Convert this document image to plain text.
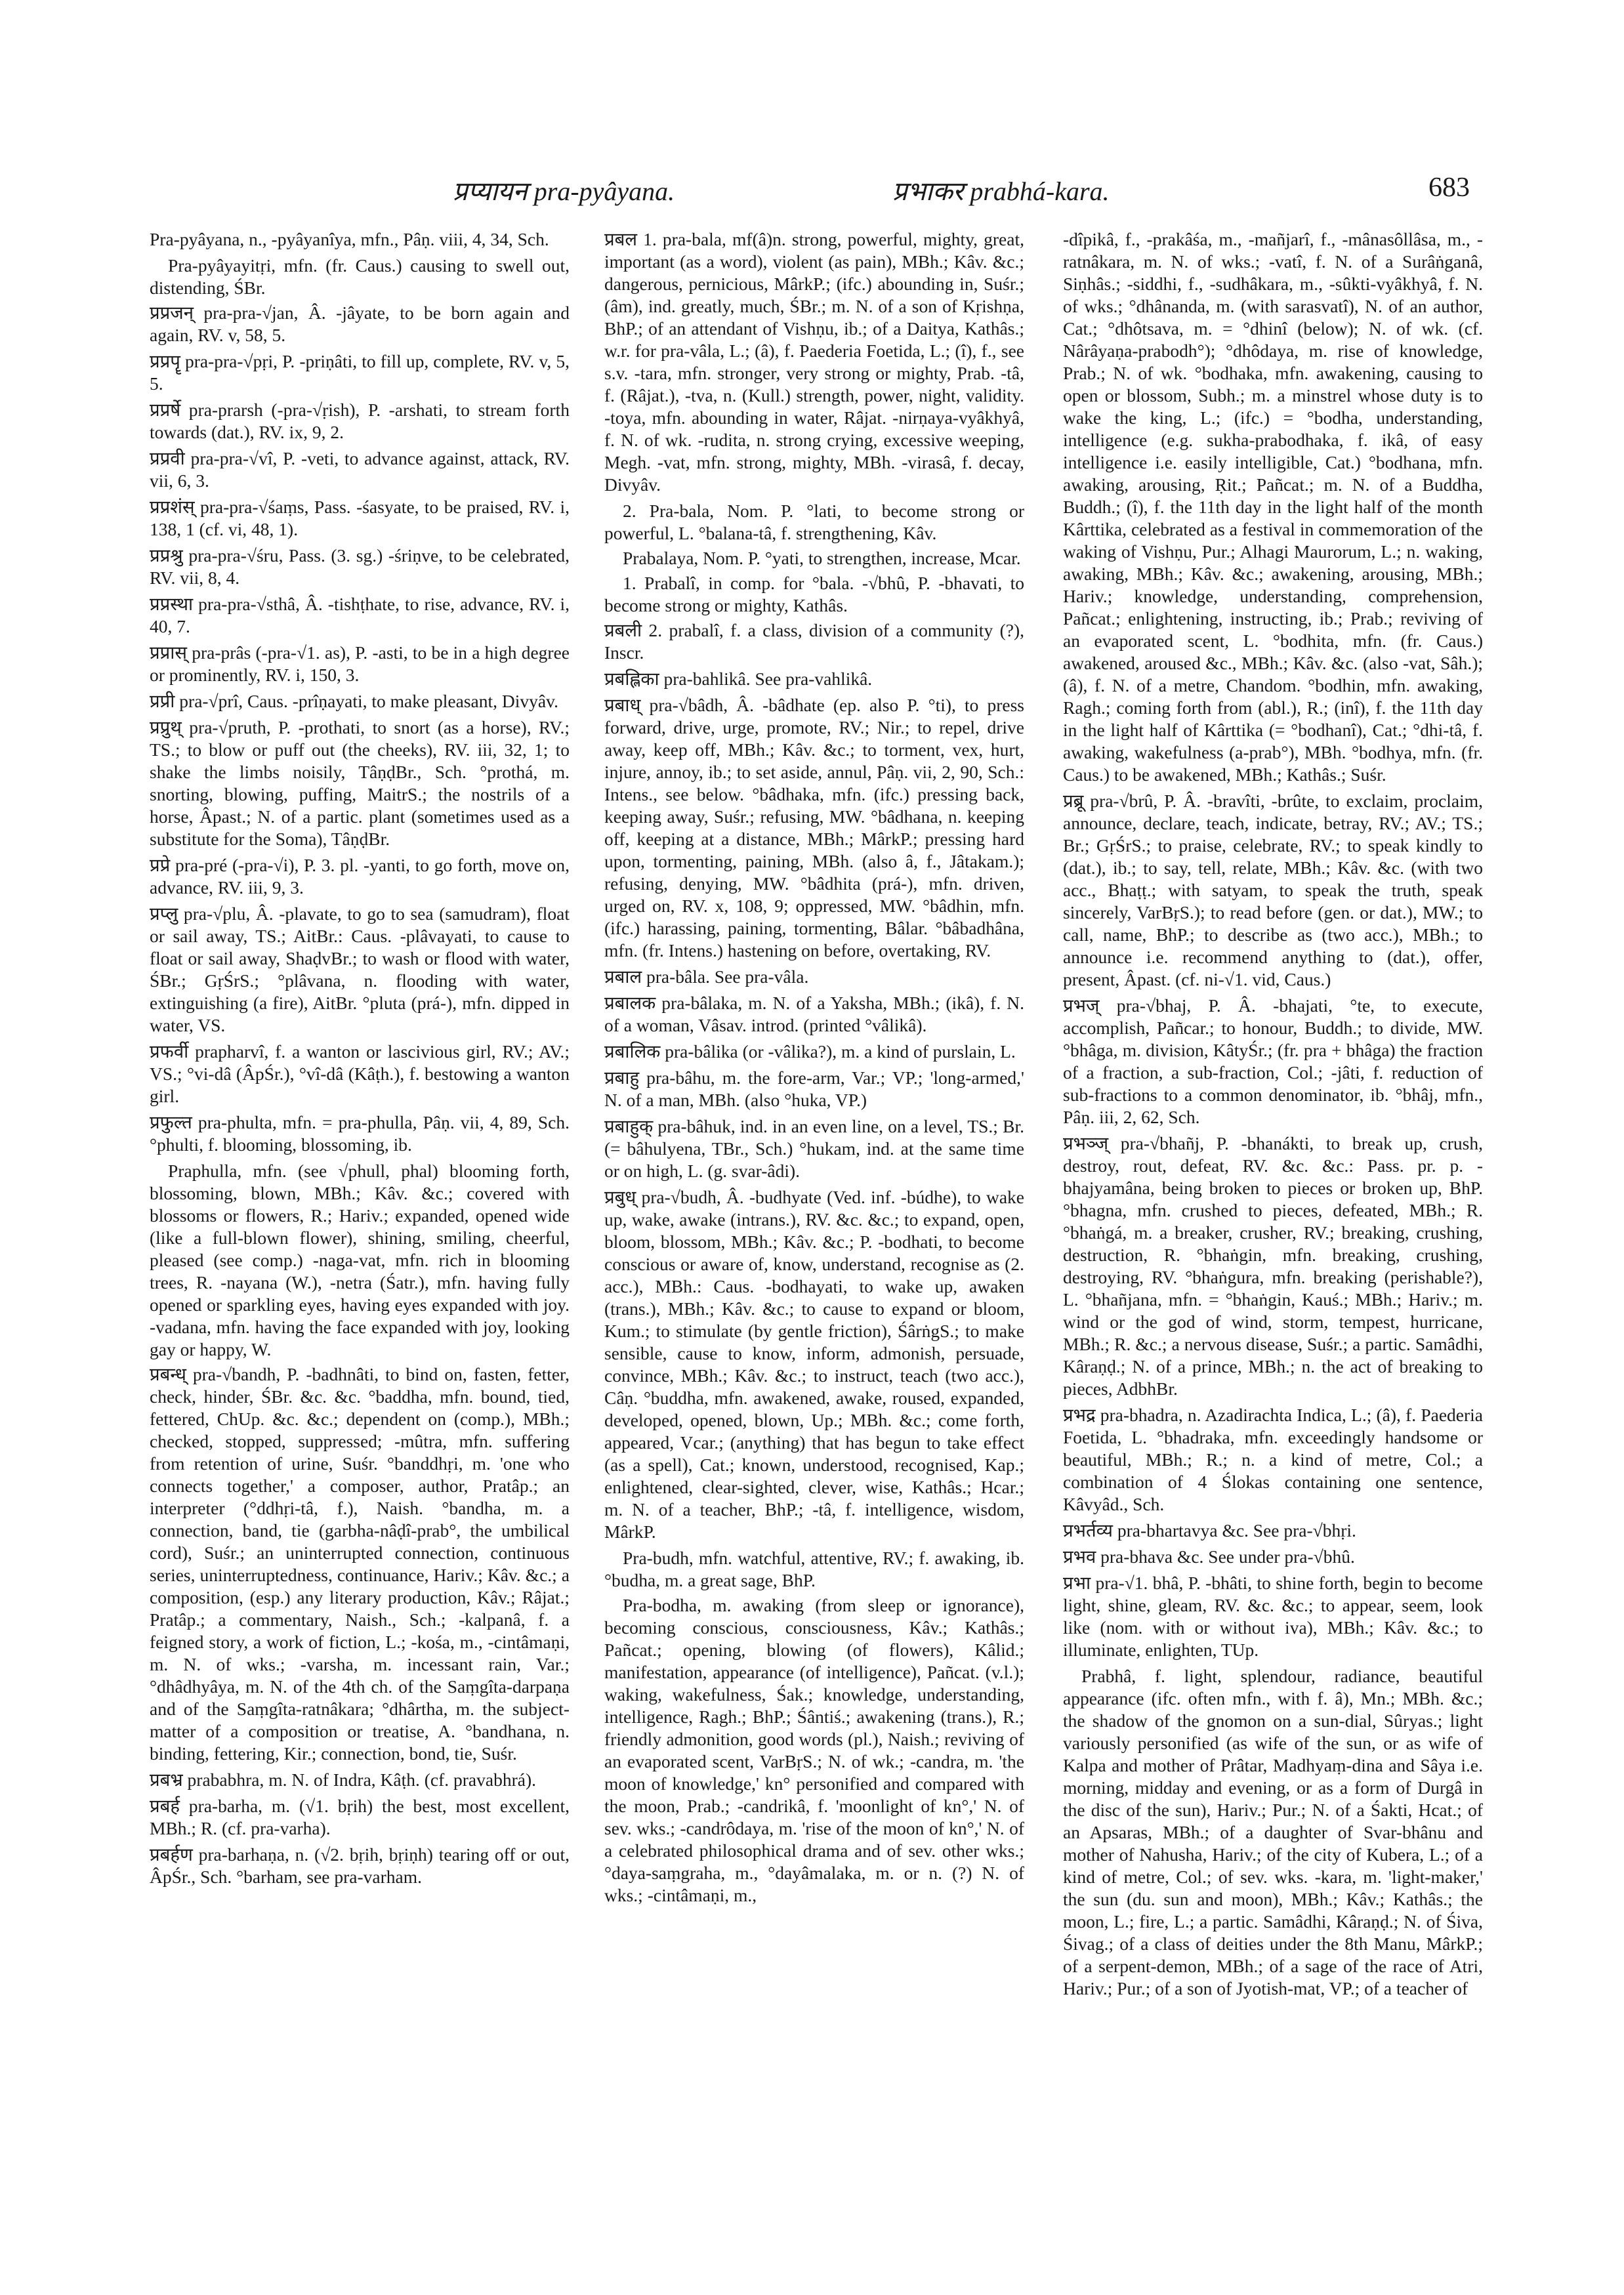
प्रप्यायन pra-pyâyana.	प्रभाकर prabhá-kara.	683

Pra-pyâyana, n., -pyâyanîya, mfn., Pâṇ. viii, 4, 34, Sch.

Pra-pyâyayitṛi, mfn. (fr. Caus.) causing to swell out, distending, ŚBr.

प्रप्रजन् pra-pra-√jan, Â. -jâyate, to be born again and again, RV. v, 58, 5.

प्रप्रपॄ pra-pra-√pṛi, P. -priṇâti, to fill up, complete, RV. v, 5, 5.

प्रप्रर्षे pra-prarsh (-pra-√ṛish), P. -arshati, to stream forth towards (dat.), RV. ix, 9, 2.

प्रप्रवी pra-pra-√vî, P. -veti, to advance against, attack, RV. vii, 6, 3.

प्रप्रशंस् pra-pra-√śaṃs, Pass. -śasyate, to be praised, RV. i, 138, 1 (cf. vi, 48, 1).

प्रप्रश्रु pra-pra-√śru, Pass. (3. sg.) -śriṇve, to be celebrated, RV. vii, 8, 4.

प्रप्रस्था pra-pra-√sthâ, Â. -tishṭhate, to rise, advance, RV. i, 40, 7.

प्रप्रास् pra-prâs (-pra-√1. as), P. -asti, to be in a high degree or prominently, RV. i, 150, 3.

प्रप्री pra-√prî, Caus. -prîṇayati, to make pleasant, Divyâv.

प्रप्रुथ् pra-√pruth, P. -prothati, to snort (as a horse), RV.; TS.; to blow or puff out (the cheeks), RV. iii, 32, 1; to shake the limbs noisily, TâṇḍBr., Sch. °prothá, m. snorting, blowing, puffing, MaitrS.; the nostrils of a horse, Âpast.; N. of a partic. plant (sometimes used as a substitute for the Soma), TâṇḍBr.

प्रप्रे pra-pré (-pra-√i), P. 3. pl. -yanti, to go forth, move on, advance, RV. iii, 9, 3.

प्रप्लु pra-√plu, Â. -plavate, to go to sea (samudram), float or sail away, TS.; AitBr.: Caus. -plâvayati, to cause to float or sail away, ShaḍvBr.; to wash or flood with water, ŚBr.; GṛŚrS.; °plâvana, n. flooding with water, extinguishing (a fire), AitBr. °pluta (prá-), mfn. dipped in water, VS.

प्रफर्वी prapharvî, f. a wanton or lascivious girl, RV.; AV.; VS.; °vi-dâ (ÂpŚr.), °vî-dâ (Kâṭh.), f. bestowing a wanton girl.

प्रफुल्त pra-phulta, mfn. = pra-phulla, Pâṇ. vii, 4, 89, Sch. °phulti, f. blooming, blossoming, ib.

Praphulla, mfn. (see √phull, phal) blooming forth, blossoming, blown, MBh.; Kâv. &c.; covered with blossoms or flowers, R.; Hariv.; expanded, opened wide (like a full-blown flower), shining, smiling, cheerful, pleased (see comp.) -naga-vat, mfn. rich in blooming trees, R. -nayana (W.), -netra (Śatr.), mfn. having fully opened or sparkling eyes, having eyes expanded with joy. -vadana, mfn. having the face expanded with joy, looking gay or happy, W.

प्रबन्ध् pra-√bandh, P. -badhnâti, to bind on, fasten, fetter, check, hinder, ŚBr. &c. &c. °baddha, mfn. bound, tied, fettered, ChUp. &c. &c.; dependent on (comp.), MBh.; checked, stopped, suppressed; -mûtra, mfn. suffering from retention of urine, Suśr. °banddhṛi, m. 'one who connects together,' a composer, author, Pratâp.; an interpreter (°ddhṛi-tâ, f.), Naish. °bandha, m. a connection, band, tie (garbha-nâḍî-prab°, the umbilical cord), Suśr.; an uninterrupted connection, continuous series, uninterruptedness, continuance, Hariv.; Kâv. &c.; a composition, (esp.) any literary production, Kâv.; Râjat.; Pratâp.; a commentary, Naish., Sch.; -kalpanâ, f. a feigned story, a work of fiction, L.; -kośa, m., -cintâmaṇi, m. N. of wks.; -varsha, m. incessant rain, Var.; °dhâdhyâya, m. N. of the 4th ch. of the Saṃgîta-darpaṇa and of the Saṃgîta-ratnâkara; °dhârtha, m. the subject-matter of a composition or treatise, A. °bandhana, n. binding, fettering, Kir.; connection, bond, tie, Suśr.

प्रबभ्र prababhra, m. N. of Indra, Kâṭh. (cf. pravabhrá).

प्रबर्ह pra-barha, m. (√1. bṛih) the best, most excellent, MBh.; R. (cf. pra-varha).

प्रबर्हण pra-barhaṇa, n. (√2. bṛih, bṛiṇh) tearing off or out, ÂpŚr., Sch. °barham, see pra-varham.

प्रबल 1. pra-bala, mf(â)n. strong, powerful, mighty, great, important (as a word), violent (as pain), MBh.; Kâv. &c.; dangerous, pernicious, MârkP.; (ifc.) abounding in, Suśr.; (âm), ind. greatly, much, ŚBr.; m. N. of a son of Kṛishṇa, BhP.; of an attendant of Vishṇu, ib.; of a Daitya, Kathâs.; w.r. for pra-vâla, L.; (â), f. Paederia Foetida, L.; (î), f., see s.v. -tara, mfn. stronger, very strong or mighty, Prab. -tâ, f. (Râjat.), -tva, n. (Kull.) strength, power, night, validity. -toya, mfn. abounding in water, Râjat. -nirṇaya-vyâkhyâ, f. N. of wk. -rudita, n. strong crying, excessive weeping, Megh. -vat, mfn. strong, mighty, MBh. -virasâ, f. decay, Divyâv.

2. Pra-bala, Nom. P. °lati, to become strong or powerful, L. °balana-tâ, f. strengthening, Kâv.

Prabalaya, Nom. P. °yati, to strengthen, increase, Mcar.

1. Prabalî, in comp. for °bala. -√bhû, P. -bhavati, to become strong or mighty, Kathâs.

प्रबली 2. prabalî, f. a class, division of a community (?), Inscr.

प्रबह्लिका pra-bahlikâ. See pra-vahlikâ.

प्रबाध् pra-√bâdh, Â. -bâdhate (ep. also P. °ti), to press forward, drive, urge, promote, RV.; Nir.; to repel, drive away, keep off, MBh.; Kâv. &c.; to torment, vex, hurt, injure, annoy, ib.; to set aside, annul, Pâṇ. vii, 2, 90, Sch.: Intens., see below. °bâdhaka, mfn. (ifc.) pressing back, keeping away, Suśr.; refusing, MW. °bâdhana, n. keeping off, keeping at a distance, MBh.; MârkP.; pressing hard upon, tormenting, paining, MBh. (also â, f., Jâtakam.); refusing, denying, MW. °bâdhita (prá-), mfn. driven, urged on, RV. x, 108, 9; oppressed, MW. °bâdhin, mfn. (ifc.) harassing, paining, tormenting, Bâlar. °bâbadhâna, mfn. (fr. Intens.) hastening on before, overtaking, RV.

प्रबाल pra-bâla. See pra-vâla.

प्रबालक pra-bâlaka, m. N. of a Yaksha, MBh.; (ikâ), f. N. of a woman, Vâsav. introd. (printed °vâlikâ).

प्रबालिक pra-bâlika (or -vâlika?), m. a kind of purslain, L.

प्रबाहु pra-bâhu, m. the fore-arm, Var.; VP.; 'long-armed,' N. of a man, MBh. (also °huka, VP.)

प्रबाहुक् pra-bâhuk, ind. in an even line, on a level, TS.; Br. (= bâhulyena, TBr., Sch.) °hukam, ind. at the same time or on high, L. (g. svar-âdi).

प्रबुध् pra-√budh, Â. -budhyate (Ved. inf. -búdhe), to wake up, wake, awake (intrans.), RV. &c. &c.; to expand, open, bloom, blossom, MBh.; Kâv. &c.; P. -bodhati, to become conscious or aware of, know, understand, recognise as (2. acc.), MBh.: Caus. -bodhayati, to wake up, awaken (trans.), MBh.; Kâv. &c.; to cause to expand or bloom, Kum.; to stimulate (by gentle friction), ŚârṅgS.; to make sensible, cause to know, inform, admonish, persuade, convince, MBh.; Kâv. &c.; to instruct, teach (two acc.), Câṇ. °buddha, mfn. awakened, awake, roused, expanded, developed, opened, blown, Up.; MBh. &c.; come forth, appeared, Vcar.; (anything) that has begun to take effect (as a spell), Cat.; known, understood, recognised, Kap.; enlightened, clear-sighted, clever, wise, Kathâs.; Hcar.; m. N. of a teacher, BhP.; -tâ, f. intelligence, wisdom, MârkP.

Pra-budh, mfn. watchful, attentive, RV.; f. awaking, ib. °budha, m. a great sage, BhP.

Pra-bodha, m. awaking (from sleep or ignorance), becoming conscious, consciousness, Kâv.; Kathâs.; Pañcat.; opening, blowing (of flowers), Kâlid.; manifestation, appearance (of intelligence), Pañcat. (v.l.); waking, wakefulness, Śak.; knowledge, understanding, intelligence, Ragh.; BhP.; Śântiś.; awakening (trans.), R.; friendly admonition, good words (pl.), Naish.; reviving of an evaporated scent, VarBṛS.; N. of wk.; -candra, m. 'the moon of knowledge,' kn° personified and compared with the moon, Prab.; -candrikâ, f. 'moonlight of kn°,' N. of sev. wks.; -candrôdaya, m. 'rise of the moon of kn°,' N. of a celebrated philosophical drama and of sev. other wks.; °daya-saṃgraha, m., °dayâmalaka, m. or n. (?) N. of wks.; -cintâmaṇi, m.,

-dîpikâ, f., -prakâśa, m., -mañjarî, f., -mânasôllâsa, m., -ratnâkara, m. N. of wks.; -vatî, f. N. of a Surâṅganâ, Siṇhâs.; -siddhi, f., -sudhâkara, m., -sûkti-vyâkhyâ, f. N. of wks.; °dhânanda, m. (with sarasvatî), N. of an author, Cat.; °dhôtsava, m. = °dhinî (below); N. of wk. (cf. Nârâyaṇa-prabodh°); °dhôdaya, m. rise of knowledge, Prab.; N. of wk. °bodhaka, mfn. awakening, causing to open or blossom, Subh.; m. a minstrel whose duty is to wake the king, L.; (ifc.) = °bodha, understanding, intelligence (e.g. sukha-prabodhaka, f. ikâ, of easy intelligence i.e. easily intelligible, Cat.) °bodhana, mfn. awaking, arousing, Ṛit.; Pañcat.; m. N. of a Buddha, Buddh.; (î), f. the 11th day in the light half of the month Kârttika, celebrated as a festival in commemoration of the waking of Vishṇu, Pur.; Alhagi Maurorum, L.; n. waking, awaking, MBh.; Kâv. &c.; awakening, arousing, MBh.; Hariv.; knowledge, understanding, comprehension, Pañcat.; enlightening, instructing, ib.; Prab.; reviving of an evaporated scent, L. °bodhita, mfn. (fr. Caus.) awakened, aroused &c., MBh.; Kâv. &c. (also -vat, Sâh.); (â), f. N. of a metre, Chandom. °bodhin, mfn. awaking, Ragh.; coming forth from (abl.), R.; (inî), f. the 11th day in the light half of Kârttika (= °bodhanî), Cat.; °dhi-tâ, f. awaking, wakefulness (a-prab°), MBh. °bodhya, mfn. (fr. Caus.) to be awakened, MBh.; Kathâs.; Suśr.

प्रब्रू pra-√brû, P. Â. -bravîti, -brûte, to exclaim, proclaim, announce, declare, teach, indicate, betray, RV.; AV.; TS.; Br.; GṛŚrS.; to praise, celebrate, RV.; to speak kindly to (dat.), ib.; to say, tell, relate, MBh.; Kâv. &c. (with two acc., Bhaṭṭ.; with satyam, to speak the truth, speak sincerely, VarBṛS.); to read before (gen. or dat.), MW.; to call, name, BhP.; to describe as (two acc.), MBh.; to announce i.e. recommend anything to (dat.), offer, present, Âpast. (cf. ni-√1. vid, Caus.)

प्रभज् pra-√bhaj, P. Â. -bhajati, °te, to execute, accomplish, Pañcar.; to honour, Buddh.; to divide, MW. °bhâga, m. division, KâtyŚr.; (fr. pra + bhâga) the fraction of a fraction, a sub-fraction, Col.; -jâti, f. reduction of sub-fractions to a common denominator, ib. °bhâj, mfn., Pâṇ. iii, 2, 62, Sch.

प्रभञ्ज् pra-√bhañj, P. -bhanákti, to break up, crush, destroy, rout, defeat, RV. &c. &c.: Pass. pr. p. -bhajyamâna, being broken to pieces or broken up, BhP. °bhagna, mfn. crushed to pieces, defeated, MBh.; R. °bhaṅgá, m. a breaker, crusher, RV.; breaking, crushing, destruction, R. °bhaṅgin, mfn. breaking, crushing, destroying, RV. °bhaṅgura, mfn. breaking (perishable?), L. °bhañjana, mfn. = °bhaṅgin, Kauś.; MBh.; Hariv.; m. wind or the god of wind, storm, tempest, hurricane, MBh.; R. &c.; a nervous disease, Suśr.; a partic. Samâdhi, Kâraṇḍ.; N. of a prince, MBh.; n. the act of breaking to pieces, AdbhBr.

प्रभद्र pra-bhadra, n. Azadirachta Indica, L.; (â), f. Paederia Foetida, L. °bhadraka, mfn. exceedingly handsome or beautiful, MBh.; R.; n. a kind of metre, Col.; a combination of 4 Ślokas containing one sentence, Kâvyâd., Sch.

प्रभर्तव्य pra-bhartavya &c. See pra-√bhṛi.

प्रभव pra-bhava &c. See under pra-√bhû.

प्रभा pra-√1. bhâ, P. -bhâti, to shine forth, begin to become light, shine, gleam, RV. &c. &c.; to appear, seem, look like (nom. with or without iva), MBh.; Kâv. &c.; to illuminate, enlighten, TUp.

Prabhâ, f. light, splendour, radiance, beautiful appearance (ifc. often mfn., with f. â), Mn.; MBh. &c.; the shadow of the gnomon on a sun-dial, Sûryas.; light variously personified (as wife of the sun, or as wife of Kalpa and mother of Prâtar, Madhyaṃ-dina and Sâya i.e. morning, midday and evening, or as a form of Durgâ in the disc of the sun), Hariv.; Pur.; N. of a Śakti, Hcat.; of an Apsaras, MBh.; of a daughter of Svar-bhânu and mother of Nahusha, Hariv.; of the city of Kubera, L.; of a kind of metre, Col.; of sev. wks. -kara, m. 'light-maker,' the sun (du. sun and moon), MBh.; Kâv.; Kathâs.; the moon, L.; fire, L.; a partic. Samâdhi, Kâraṇḍ.; N. of Śiva, Śivag.; of a class of deities under the 8th Manu, MârkP.; of a serpent-demon, MBh.; of a sage of the race of Atri, Hariv.; Pur.; of a son of Jyotish-mat, VP.; of a teacher of
